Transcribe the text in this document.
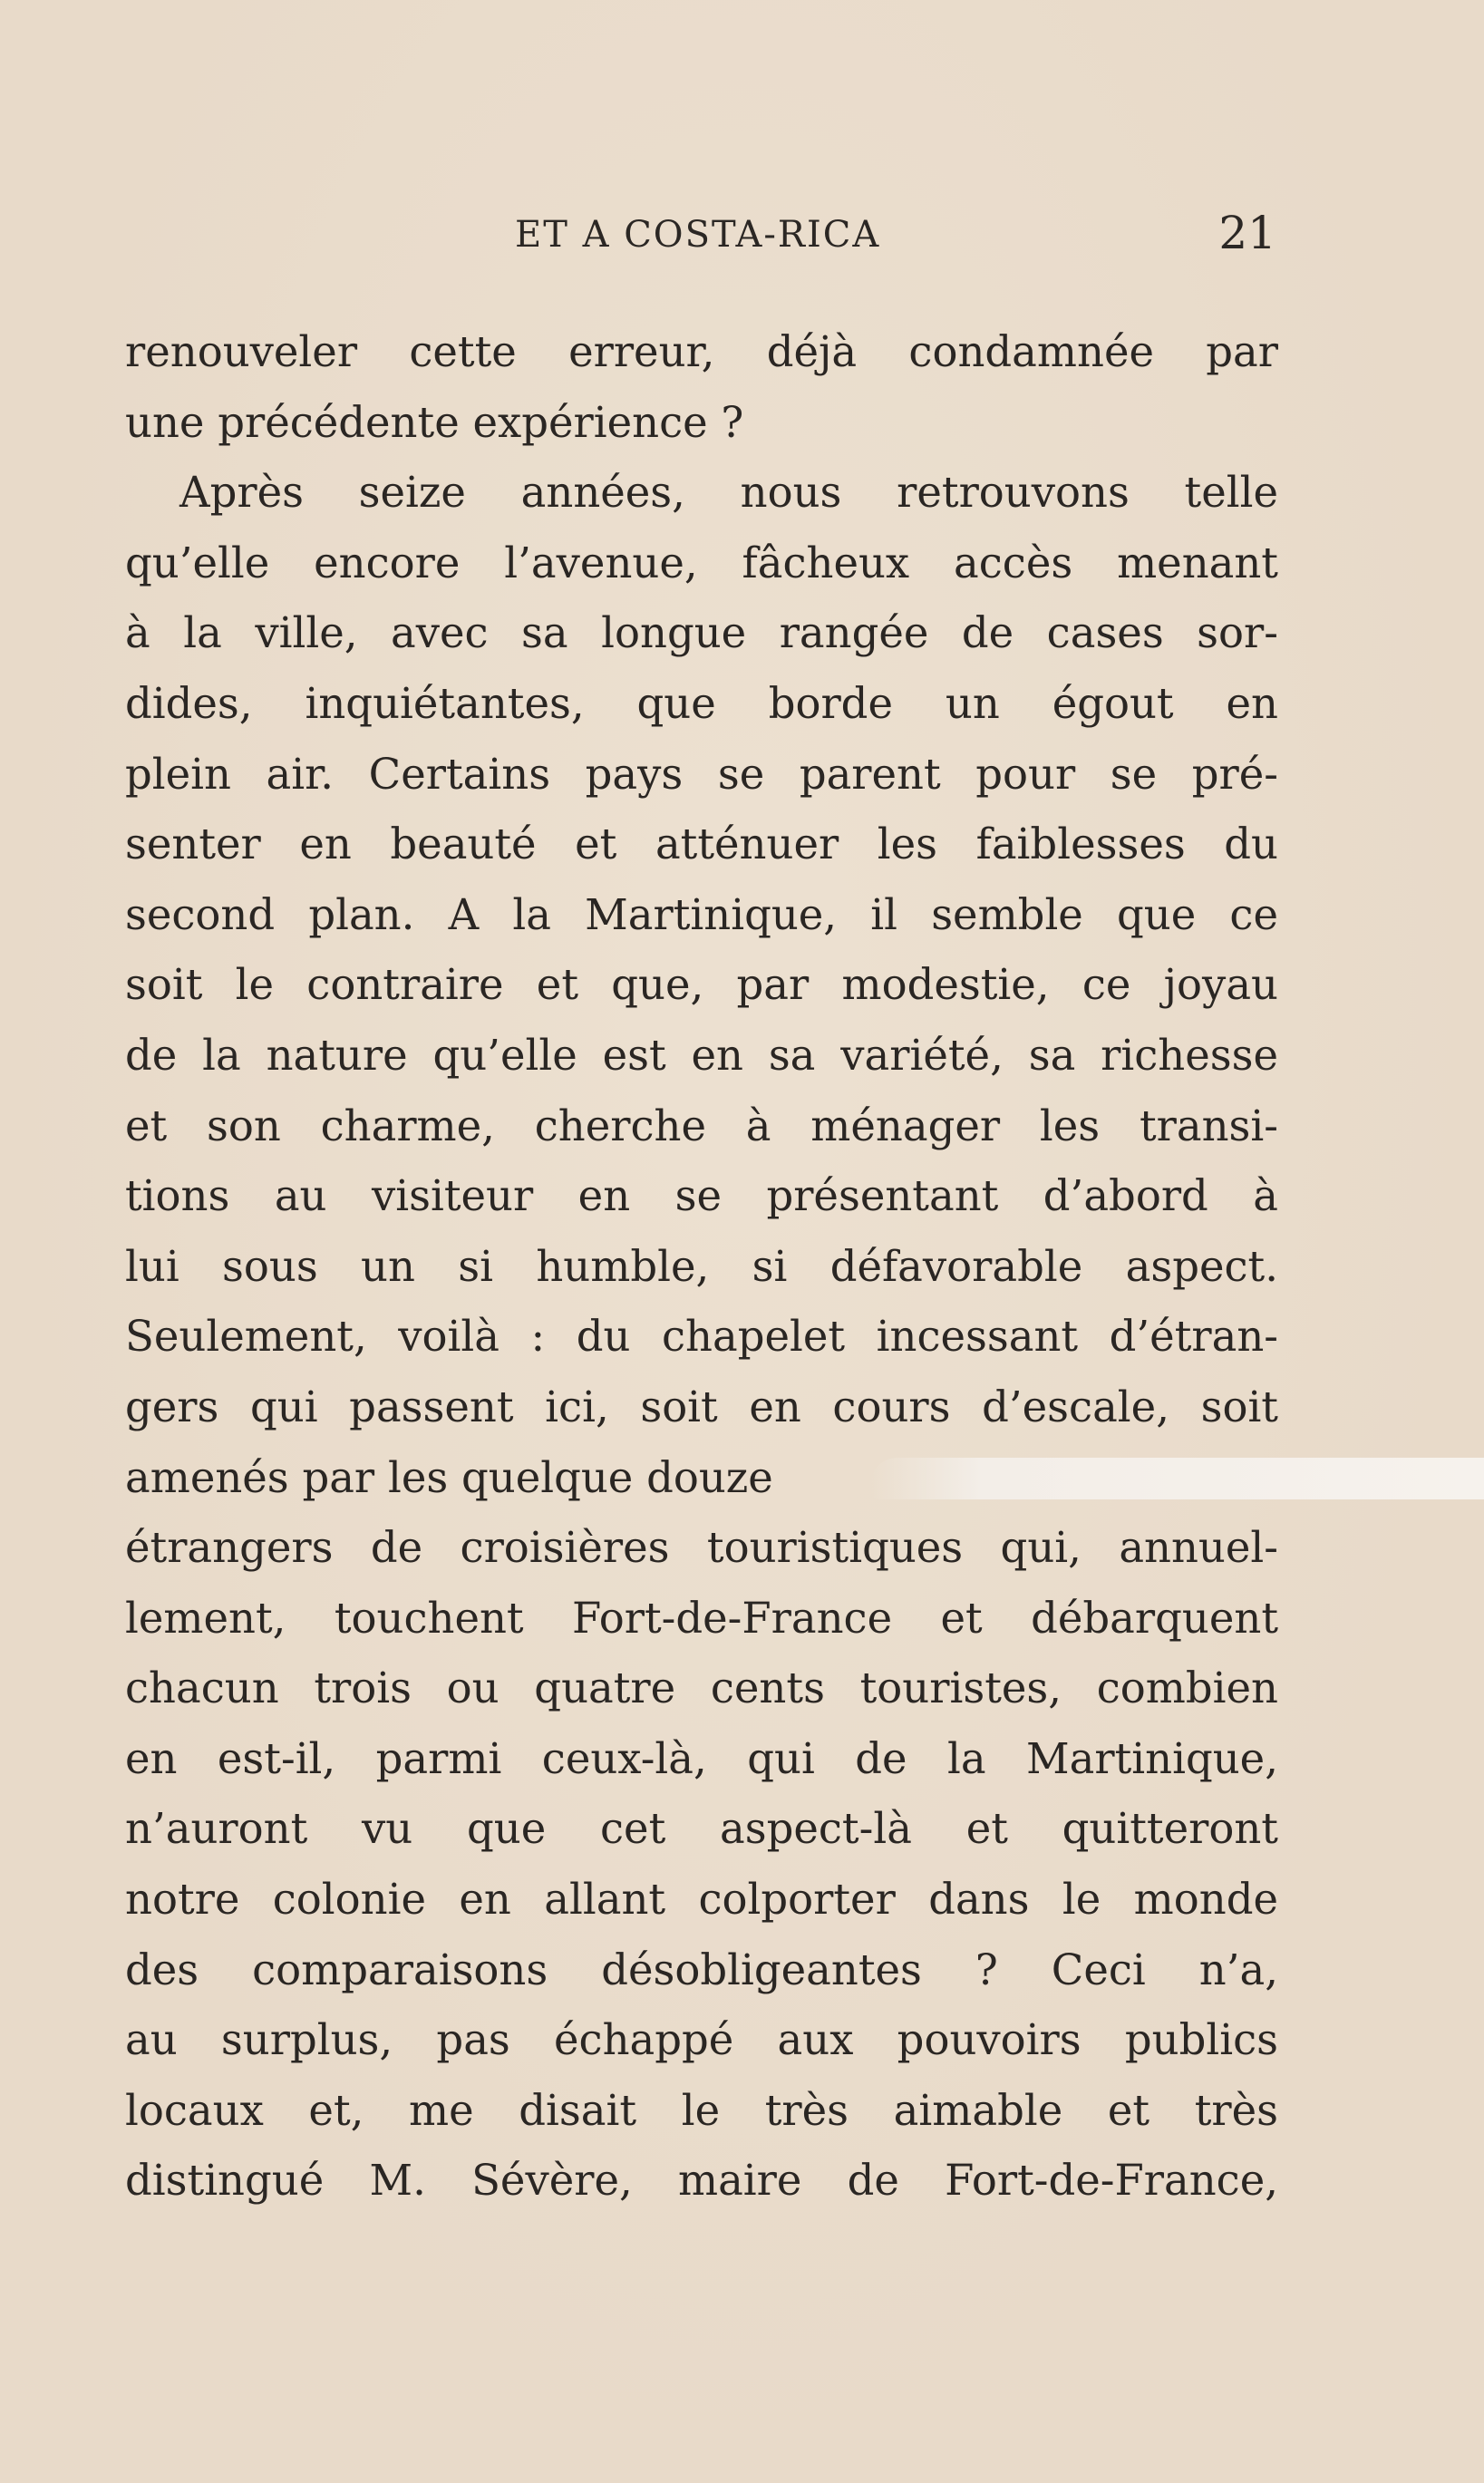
ET A COSTA-RICA	21
renouveler cette erreur, déjà condamnée par
une précédente expérience ?
Après seize années, nous retrouvons telle
qu’elle encore l’avenue, fâcheux accès menant
à la ville, avec sa longue rangée de cases sor-
dides, inquiétantes, que borde un égout en
plein air. Certains pays se parent pour se pré-
senter en beauté et atténuer les faiblesses du
second plan. A la Martinique, il semble que ce
soit le contraire et que, par modestie, ce joyau
de la nature qu’elle est en sa variété, sa richesse
et son charme, cherche à ménager les transi-
tions au visiteur en se présentant d’abord à
lui sous un si humble, si défavorable aspect.
Seulement, voilà : du chapelet incessant d’étran-
gers qui passent ici, soit en cours d’escale, soit
amenés par les quelque douze
étrangers de croisières touristiques qui, annuel-
lement, touchent Fort-de-France et débarquent
chacun trois ou quatre cents touristes, combien
en est-il, parmi ceux-là, qui de la Martinique,
n’auront vu que cet aspect-là et quitteront
notre colonie en allant colporter dans le monde
des comparaisons désobligeantes ? Ceci n’a,
au surplus, pas échappé aux pouvoirs publics
locaux et, me disait le très aimable et très
distingué M. Sévère, maire de Fort-de-France,
